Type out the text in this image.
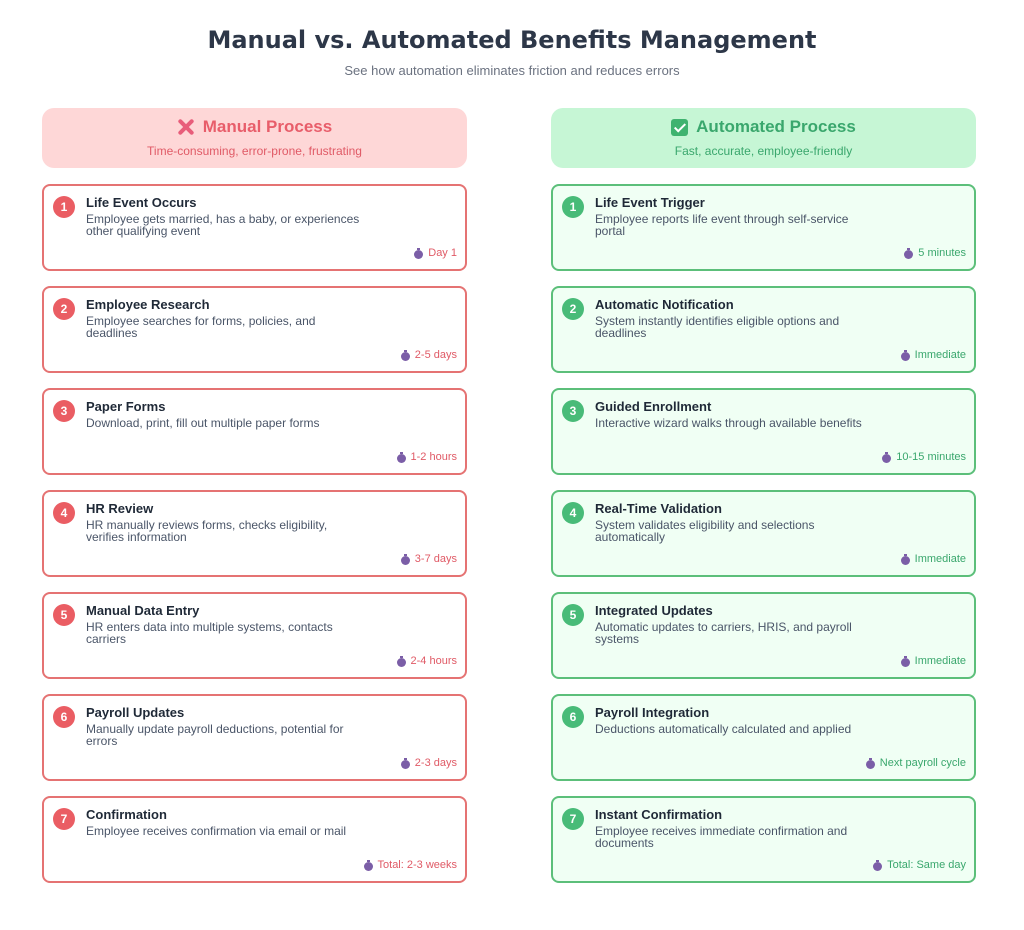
Manual vs. Automated Benefits Management
See how automation eliminates friction and reduces errors
Manual Process
Time-consuming, error-prone, frustrating
1	Life Event Occurs
Employee gets married, has a baby, or experiences other qualifying event
Day 1
2	Employee Research
Employee searches for forms, policies, and deadlines
2-5 days
3	Paper Forms
Download, print, fill out multiple paper forms
1-2 hours
4	HR Review
HR manually reviews forms, checks eligibility, verifies information
3-7 days
5	Manual Data Entry
HR enters data into multiple systems, contacts carriers
2-4 hours
6	Payroll Updates
Manually update payroll deductions, potential for errors
2-3 days
7	Confirmation
Employee receives confirmation via email or mail
Total: 2-3 weeks
Automated Process
Fast, accurate, employee-friendly
1	Life Event Trigger
Employee reports life event through self-service portal
5 minutes
2	Automatic Notification
System instantly identifies eligible options and deadlines
Immediate
3	Guided Enrollment
Interactive wizard walks through available benefits
10-15 minutes
4	Real-Time Validation
System validates eligibility and selections automatically
Immediate
5	Integrated Updates
Automatic updates to carriers, HRIS, and payroll systems
Immediate
6	Payroll Integration
Deductions automatically calculated and applied
Next payroll cycle
7	Instant Confirmation
Employee receives immediate confirmation and documents
Total: Same day
